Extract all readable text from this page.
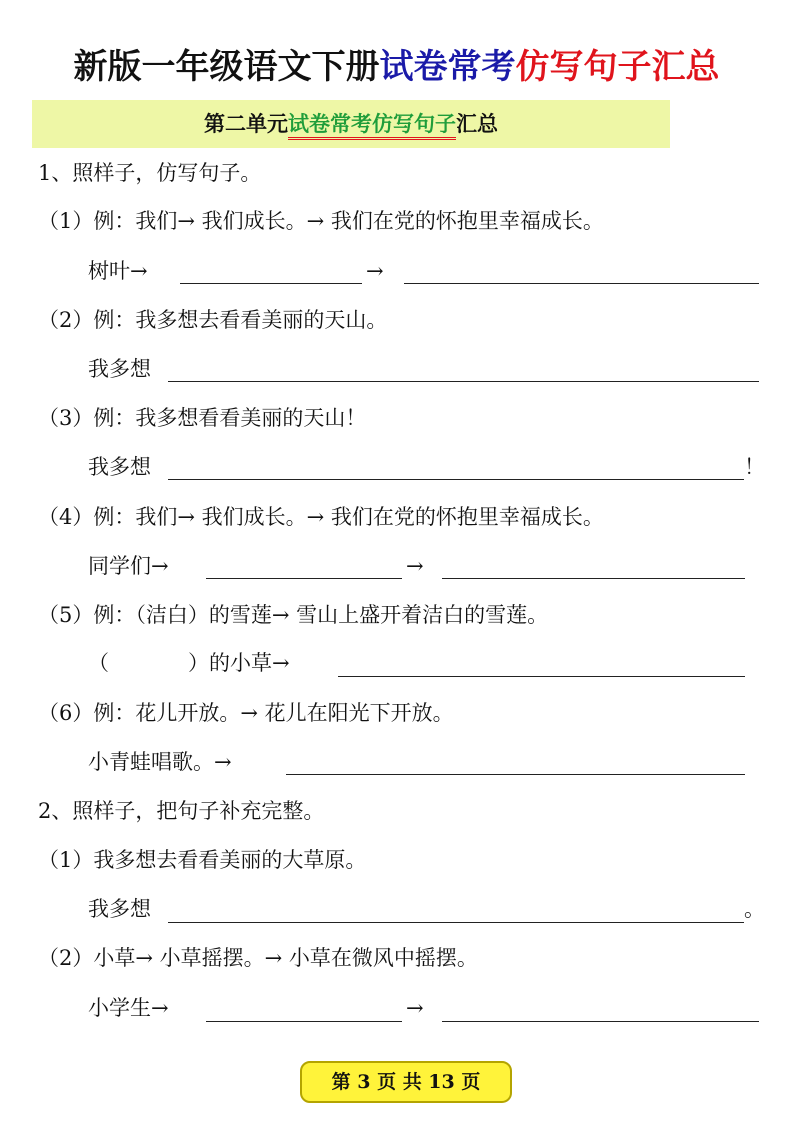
新版一年级语文下册试卷常考仿写句子汇总
第二单元试卷常考仿写句子汇总
1、照样子，仿写句子。
（1）例：我们→ 我们成长。→ 我们在党的怀抱里幸福成长。
树叶→	→
（2）例：我多想去看看美丽的天山。
我多想
（3）例：我多想看看美丽的天山！
我多想	！
（4）例：我们→ 我们成长。→ 我们在党的怀抱里幸福成长。
同学们→	→
（5）例：（洁白）的雪莲→ 雪山上盛开着洁白的雪莲。
（	）的小草→
（6）例：花儿开放。→ 花儿在阳光下开放。
小青蛙唱歌。→
2、照样子，把句子补充完整。
（1）我多想去看看美丽的大草原。
我多想	。
（2）小草→ 小草摇摆。→ 小草在微风中摇摆。
小学生→	→
第 3 页 共 13 页
